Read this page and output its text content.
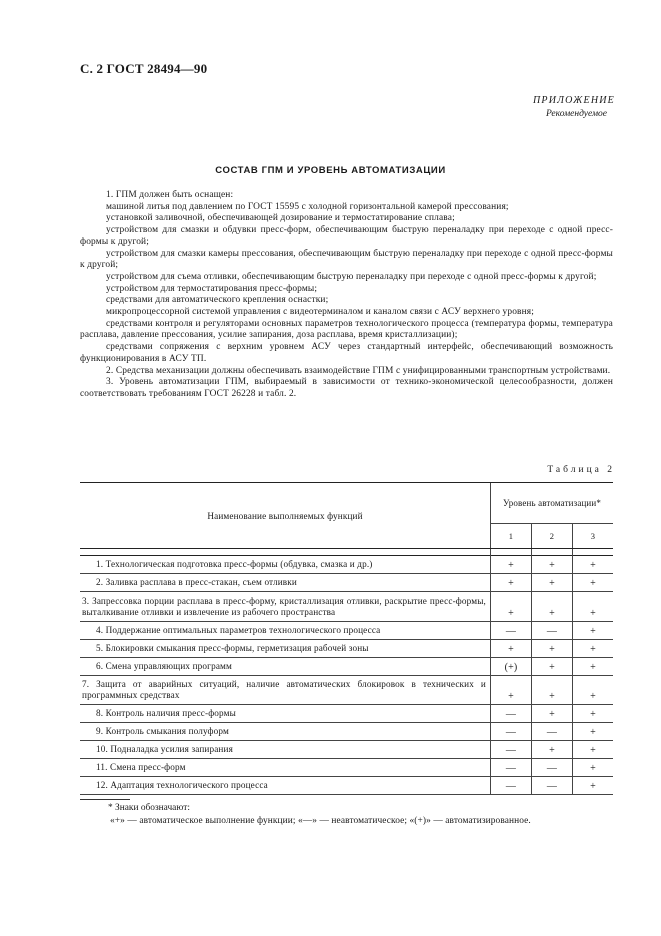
С. 2 ГОСТ 28494—90
ПРИЛОЖЕНИЕ
Рекомендуемое
СОСТАВ ГПМ И УРОВЕНЬ АВТОМАТИЗАЦИИ

1. ГПМ должен быть оснащен:

машиной литья под давлением по ГОСТ 15595 с холодной горизонтальной камерой прессования;

установкой заливочной, обеспечивающей дозирование и термостатирование сплава;

устройством для смазки и обдувки пресс-форм, обеспечивающим быструю переналадку при переходе с одной пресс-формы к другой;

устройством для смазки камеры прессования, обеспечивающим быструю переналадку при переходе с одной пресс-формы к другой;

устройством для съема отливки, обеспечивающим быструю переналадку при переходе с одной пресс-формы к другой;

устройством для термостатирования пресс-формы;

средствами для автоматического крепления оснастки;

микропроцессорной системой управления с видеотерминалом и каналом связи с АСУ верхнего уровня;

средствами контроля и регуляторами основных параметров технологического процесса (температура формы, температура расплава, давление прессования, усилие запирания, доза расплава, время кристаллизации);

средствами сопряжения с верхним уровнем АСУ через стандартный интерфейс, обеспечивающий возможность функционирования в АСУ ТП.

2. Средства механизации должны обеспечивать взаимодействие ГПМ с унифицированными транспортным устройствами.

3. Уровень автоматизации ГПМ, выбираемый в зависимости от технико-экономической целесообразности, должен соответствовать требованиям ГОСТ 26228 и табл. 2.

Таблица 2

Наименование выполняемых функций	Уровень автоматизации*		
	1	2	3

1. Технологическая подготовка пресс-формы (обдувка, смазка и др.)	+	+	+

2. Заливка расплава в пресс-стакан, съем отливки	+	+	+

3. Запрессовка порции расплава в пресс-форму, кристаллизация отливки, раскрытие пресс-формы, выталкивание отливки и извлечение из рабочего пространства	+	+	+

4. Поддержание оптимальных параметров технологического процесса	—	—	+

5. Блокировки смыкания пресс-формы, герметизация рабочей зоны	+	+	+

6. Смена управляющих программ	(+)	+	+

7. Защита от аварийных ситуаций, наличие автоматических блокировок в технических и программных средствах	+	+	+

8. Контроль наличия пресс-формы	—	+	+

9. Контроль смыкания полуформ	—	—	+

10. Подналадка усилия запирания	—	+	+

11. Смена пресс-форм	—	—	+

12. Адаптация технологического процесса	—	—	+
* Знаки обозначают:
«+» — автоматическое выполнение функции; «—» — неавтоматическое; «(+)» — автоматизированное.
